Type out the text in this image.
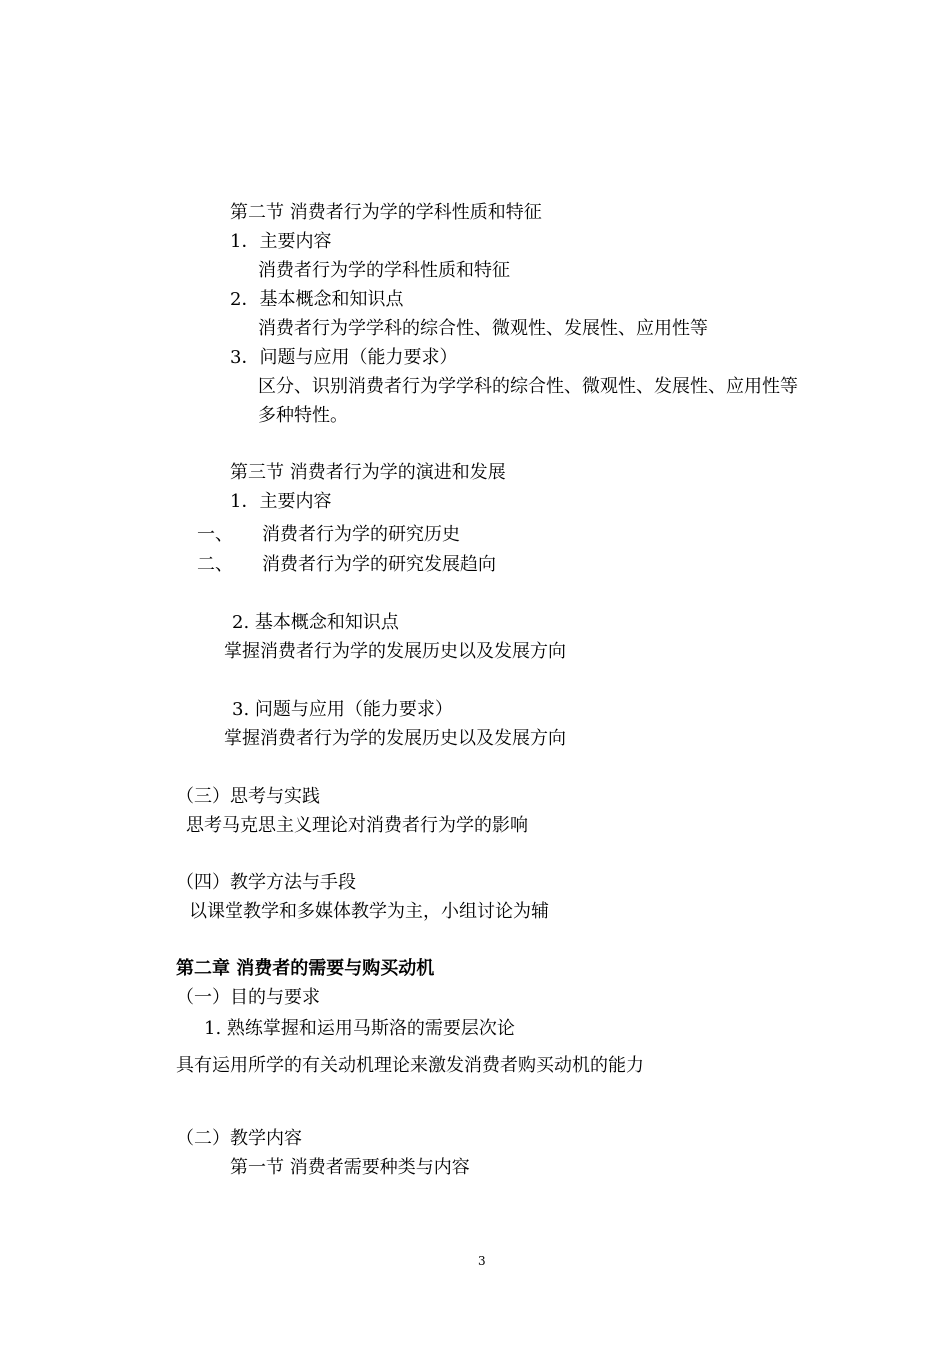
第二节 消费者行为学的学科性质和特征
1．主要内容
消费者行为学的学科性质和特征
2．基本概念和知识点
消费者行为学学科的综合性、微观性、发展性、应用性等
3．问题与应用（能力要求）
区分、识别消费者行为学学科的综合性、微观性、发展性、应用性等
多种特性。
第三节 消费者行为学的演进和发展
1．主要内容
一、 消费者行为学的研究历史
二、 消费者行为学的研究发展趋向
2. 基本概念和知识点
掌握消费者行为学的发展历史以及发展方向
3. 问题与应用（能力要求）
掌握消费者行为学的发展历史以及发展方向
（三）思考与实践
思考马克思主义理论对消费者行为学的影响
（四）教学方法与手段
以课堂教学和多媒体教学为主，小组讨论为辅
第二章 消费者的需要与购买动机
（一）目的与要求
1. 熟练掌握和运用马斯洛的需要层次论
具有运用所学的有关动机理论来激发消费者购买动机的能力
（二）教学内容
第一节 消费者需要种类与内容
3
